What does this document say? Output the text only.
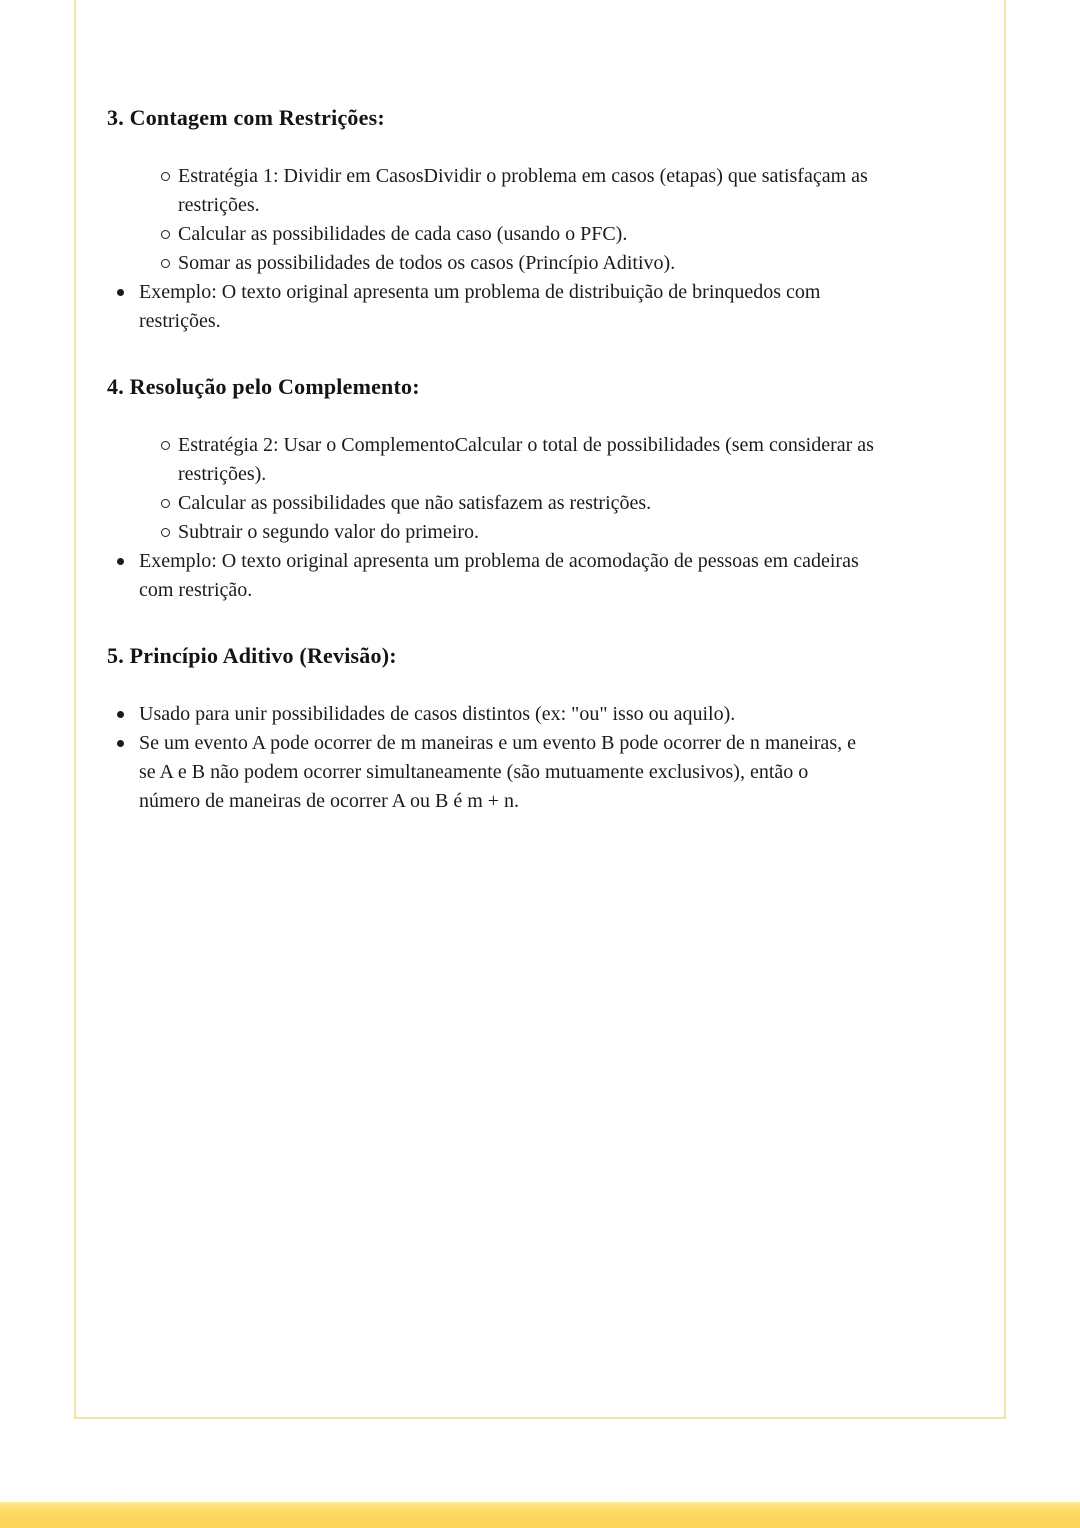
3. Contagem com Restrições:
Estratégia 1: Dividir em CasosDividir o problema em casos (etapas) que satisfaçam as restrições.
Calcular as possibilidades de cada caso (usando o PFC).
Somar as possibilidades de todos os casos (Princípio Aditivo).
Exemplo: O texto original apresenta um problema de distribuição de brinquedos com restrições.
4. Resolução pelo Complemento:
Estratégia 2: Usar o ComplementoCalcular o total de possibilidades (sem considerar as restrições).
Calcular as possibilidades que não satisfazem as restrições.
Subtrair o segundo valor do primeiro.
Exemplo: O texto original apresenta um problema de acomodação de pessoas em cadeiras com restrição.
5. Princípio Aditivo (Revisão):
Usado para unir possibilidades de casos distintos (ex: "ou" isso ou aquilo).
Se um evento A pode ocorrer de m maneiras e um evento B pode ocorrer de n maneiras, e se A e B não podem ocorrer simultaneamente (são mutuamente exclusivos), então o número de maneiras de ocorrer A ou B é m + n.
